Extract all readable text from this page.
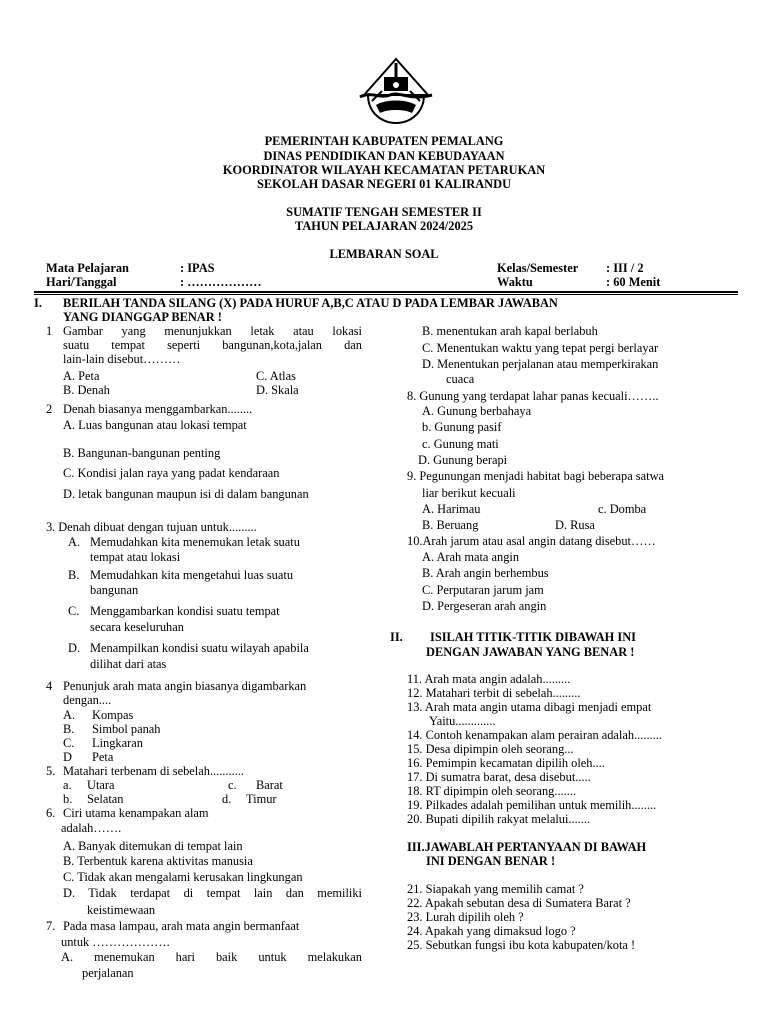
PEMERINTAH KABUPATEN PEMALANG
DINAS PENDIDIKAN DAN KEBUDAYAAN
KOORDINATOR WILAYAH KECAMATAN PETARUKAN
SEKOLAH DASAR NEGERI 01 KALIRANDU
SUMATIF TENGAH SEMESTER II
TAHUN PELAJARAN 2024/2025
LEMBARAN SOAL
Mata Pelajaran	: IPAS
Hari/Tanggal	: ………………
Kelas/Semester : III / 2
Waktu	: 60 Menit
I. BERILAH TANDA SILANG (X) PADA HURUF A,B,C ATAU D PADA LEMBAR JAWABAN
YANG DIANGGAP BENAR !
1 Gambar yang menunjukkan letak atau lokasi
suatu tempat seperti bangunan,kota,jalan dan
lain-lain disebut………
A. Peta
B. Denah
C. Atlas
D. Skala
2 Denah biasanya menggambarkan........
A. Luas bangunan atau lokasi tempat
B. Bangunan-bangunan penting
C. Kondisi jalan raya yang padat kendaraan
D. letak bangunan maupun isi di dalam bangunan
3 . Denah dibuat dengan tujuan untuk.........
A. Memudahkan kita menemukan letak suatu
tempat atau lokasi
B. Memudahkan kita mengetahui luas suatu
bangunan
C. Menggambarkan kondisi suatu tempat
secara keseluruhan
D. Menampilkan kondisi suatu wilayah apabila
dilihat dari atas
4 Penunjuk arah mata angin biasanya digambarkan
dengan....
A. Kompas
B. Simbol panah
C. Lingkaran
D Peta
5. Matahari terbenam di sebelah...........
a. Utara
b. Selatan
c. Barat
d. Timur
6. Ciri utama kenampakan alam
adalah…….
A. Banyak ditemukan di tempat lain
B. Terbentuk karena aktivitas manusia
C. Tidak akan mengalami kerusakan lingkungan
D. Tidak terdapat di tempat lain dan memiliki
keistimewaan
7. Pada masa lampau, arah mata angin bermanfaat
untuk ……………….
A. menemukan hari baik untuk melakukan
perjalanan
B. menentukan arah kapal berlabuh
C. Menentukan waktu yang tepat pergi berlayar
D. Menentukan perjalanan atau memperkirakan
cuaca
8. Gunung yang terdapat lahar panas kecuali……..
A. Gunung berbahaya
b. Gunung pasif
c. Gunung mati
D. Gunung berapi
9. Pegunungan menjadi habitat bagi beberapa satwa
liar berikut kecuali
A. Harimau	c. Domba
B. Beruang	D. Rusa
10.Arah jarum atau asal angin datang disebut……
A. Arah mata angin
B. Arah angin berhembus
C. Perputaran jarum jam
D. Pergeseran arah angin
II. ISILAH TITIK-TITIK DIBAWAH INI
DENGAN JAWABAN YANG BENAR !
11. Arah mata angin adalah.........
12. Matahari terbit di sebelah.........
13. Arah mata angin utama dibagi menjadi empat
Yaitu.............
14. Contoh kenampakan alam perairan adalah.........
15. Desa dipimpin oleh seorang...
16. Pemimpin kecamatan dipilih oleh....
17. Di sumatra barat, desa disebut.....
18. RT dipimpin oleh seorang.......
19. Pilkades adalah pemilihan untuk memilih........
20. Bupati dipilih rakyat melalui.......
III.JAWABLAH PERTANYAAN DI BAWAH
INI DENGAN BENAR !
21. Siapakah yang memilih camat ?
22. Apakah sebutan desa di Sumatera Barat ?
23. Lurah dipilih oleh ?
24. Apakah yang dimaksud logo ?
25. Sebutkan fungsi ibu kota kabupaten/kota !
